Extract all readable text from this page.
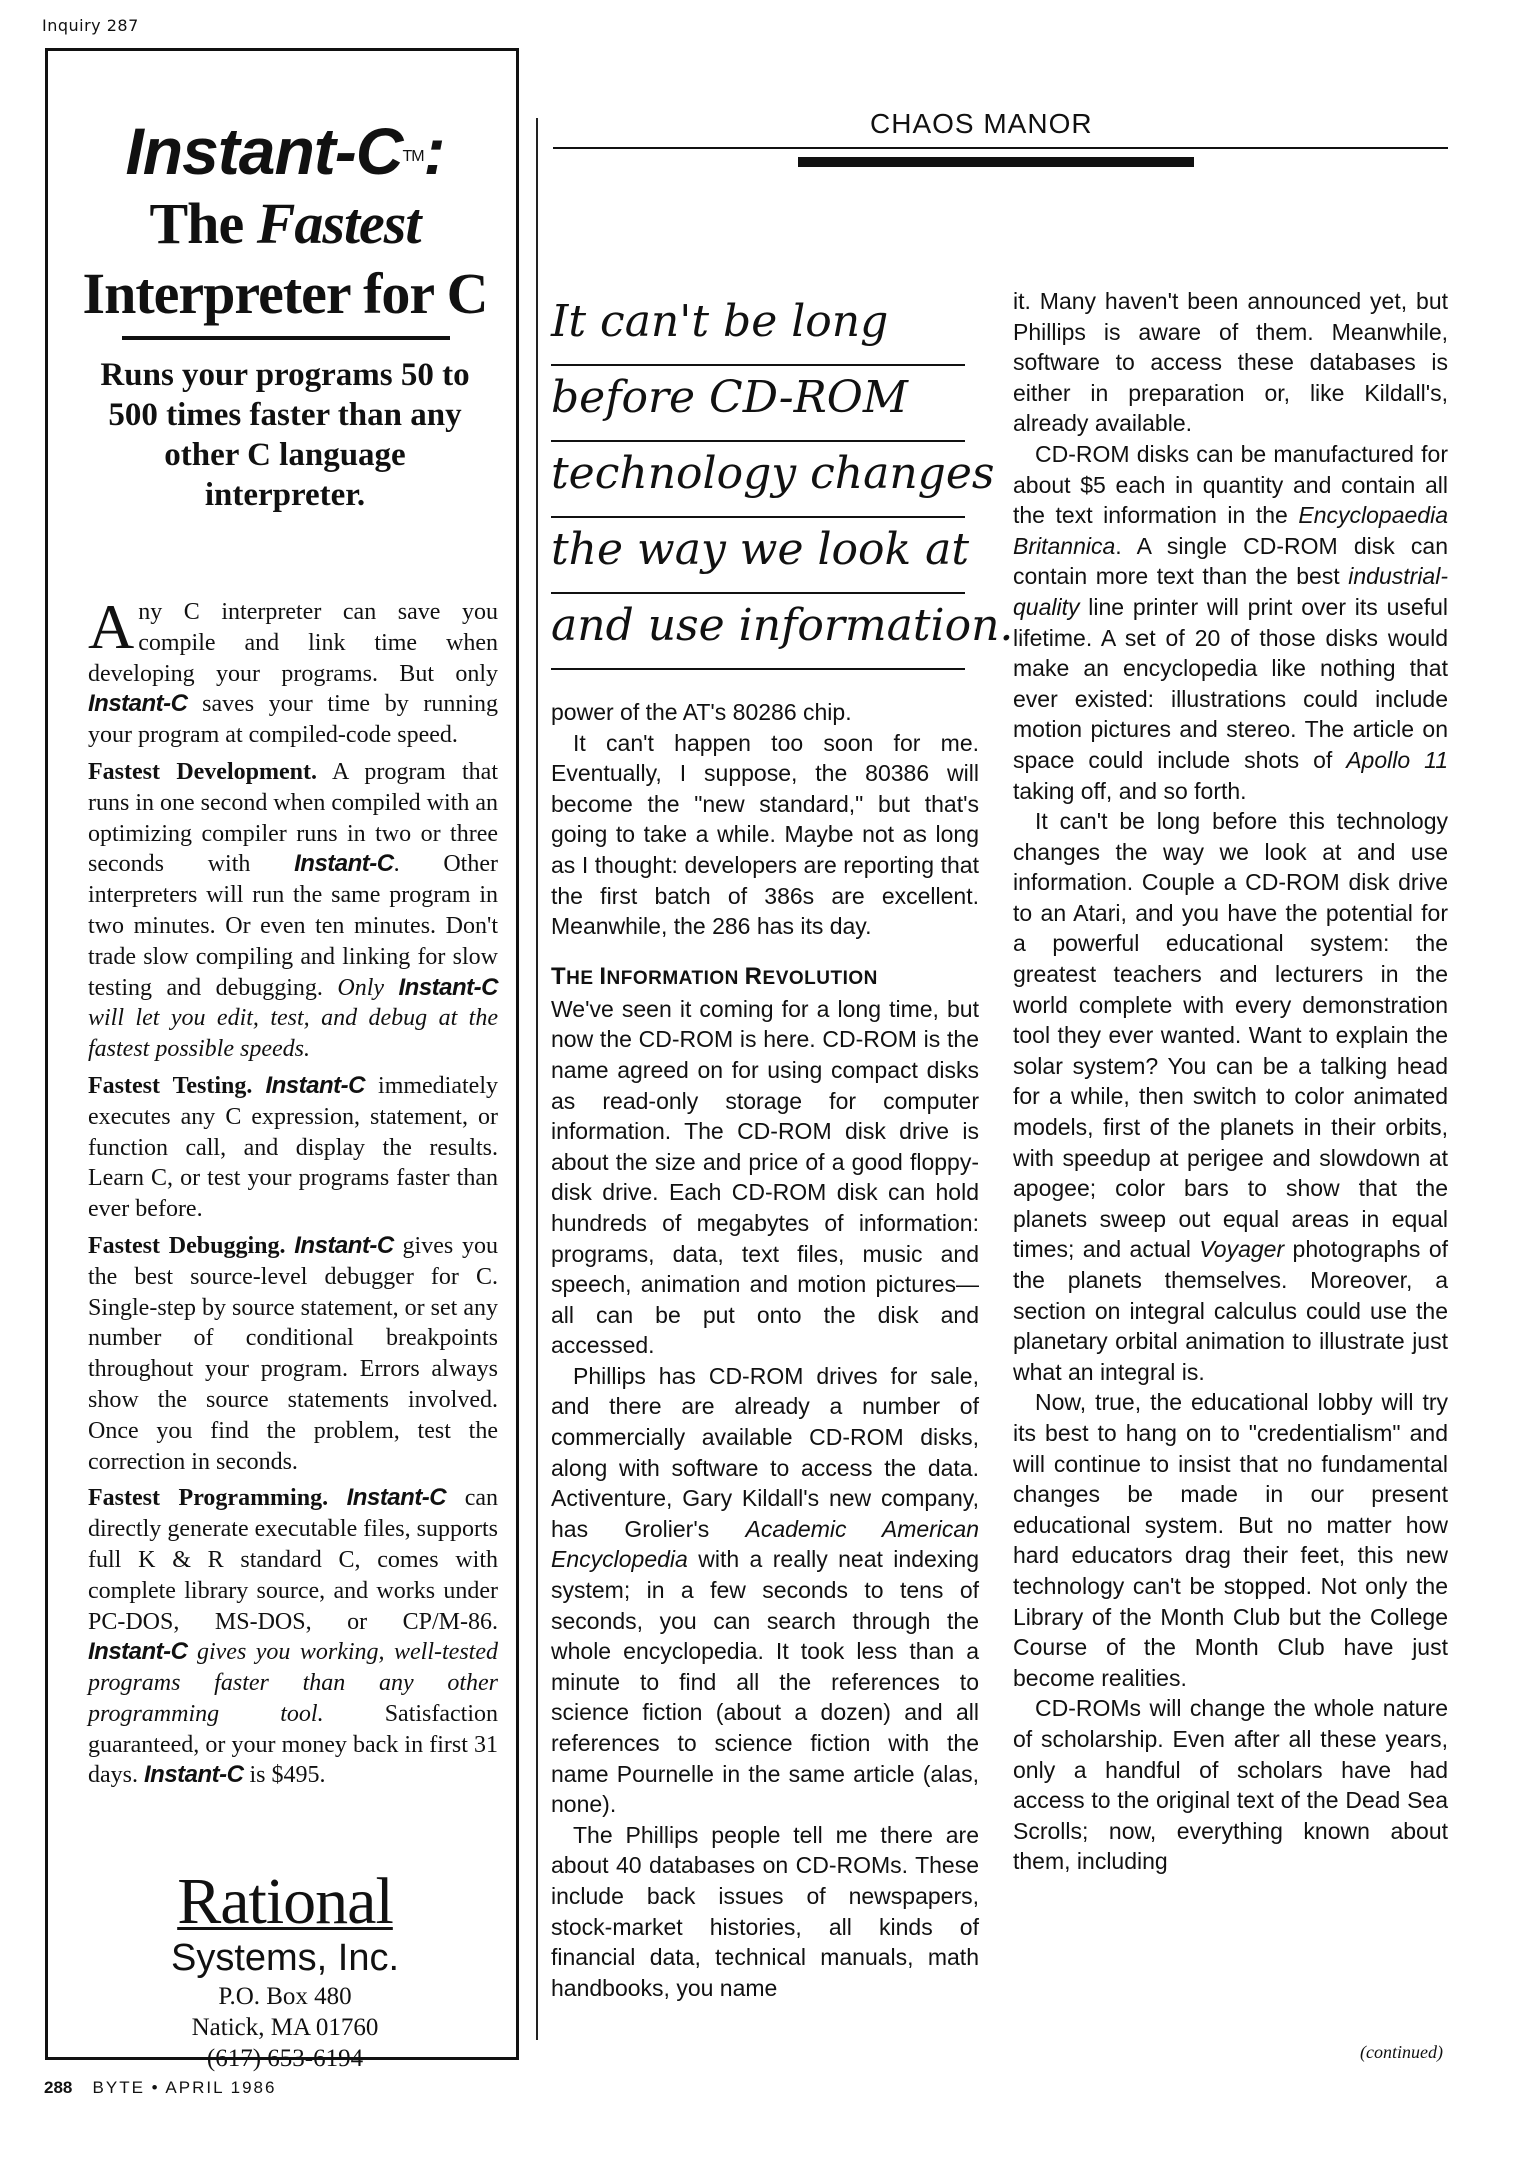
Inquiry 287
Instant-C™:
The Fastest
Interpreter for C
Runs your programs 50 to 500 times faster than any other C language interpreter.

Any C interpreter can save you compile and link time when developing your programs. But only Instant-C saves your time by running your program at compiled-code speed.

Fastest Development. A program that runs in one second when compiled with an optimizing compiler runs in two or three seconds with Instant-C. Other interpreters will run the same program in two minutes. Or even ten minutes. Don't trade slow compiling and linking for slow testing and debugging. Only Instant-C will let you edit, test, and debug at the fastest possible speeds.

Fastest Testing. Instant-C immediately executes any C expression, statement, or function call, and display the results. Learn C, or test your programs faster than ever before.

Fastest Debugging. Instant-C gives you the best source-level debugger for C. Single-step by source statement, or set any number of conditional breakpoints throughout your program. Errors always show the source statements involved. Once you find the problem, test the correction in seconds.

Fastest Programming. Instant-C can directly generate executable files, supports full K & R standard C, comes with complete library source, and works under PC-DOS, MS-DOS, or CP/M-86. Instant-C gives you working, well-tested programs faster than any other programming tool. Satisfaction guaranteed, or your money back in first 31 days. Instant-C is $495.

Rational
Systems, Inc.
P.O. Box 480
Natick, MA 01760
(617) 653-6194
288 BYTE • APRIL 1986
CHAOS MANOR
It can't be long
before CD-ROM
technology changes
the way we look at
and use information.

power of the AT's 80286 chip.

It can't happen too soon for me. Eventually, I suppose, the 80386 will become the "new standard," but that's going to take a while. Maybe not as long as I thought: developers are reporting that the first batch of 386s are excellent. Meanwhile, the 286 has its day.

THE INFORMATION REVOLUTION

We've seen it coming for a long time, but now the CD-ROM is here. CD-ROM is the name agreed on for using compact disks as read-only storage for computer information. The CD-ROM disk drive is about the size and price of a good floppy-disk drive. Each CD-ROM disk can hold hundreds of megabytes of information: programs, data, text files, music and speech, animation and motion pictures—all can be put onto the disk and accessed.

Phillips has CD-ROM drives for sale, and there are already a number of commercially available CD-ROM disks, along with software to access the data. Activenture, Gary Kildall's new company, has Grolier's Academic American Encyclopedia with a really neat indexing system; in a few seconds to tens of seconds, you can search through the whole encyclopedia. It took less than a minute to find all the references to science fiction (about a dozen) and all references to science fiction with the name Pournelle in the same article (alas, none).

The Phillips people tell me there are about 40 databases on CD-ROMs. These include back issues of newspapers, stock-market histories, all kinds of financial data, technical manuals, math handbooks, you name

it. Many haven't been announced yet, but Phillips is aware of them. Meanwhile, software to access these databases is either in preparation or, like Kildall's, already available.

CD-ROM disks can be manufactured for about $5 each in quantity and contain all the text information in the Encyclopaedia Britannica. A single CD-ROM disk can contain more text than the best industrial-quality line printer will print over its useful lifetime. A set of 20 of those disks would make an encyclopedia like nothing that ever existed: illustrations could include motion pictures and stereo. The article on space could include shots of Apollo 11 taking off, and so forth.

It can't be long before this technology changes the way we look at and use information. Couple a CD-ROM disk drive to an Atari, and you have the potential for a powerful educational system: the greatest teachers and lecturers in the world complete with every demonstration tool they ever wanted. Want to explain the solar system? You can be a talking head for a while, then switch to color animated models, first of the planets in their orbits, with speedup at perigee and slowdown at apogee; color bars to show that the planets sweep out equal areas in equal times; and actual Voyager photographs of the planets themselves. Moreover, a section on integral calculus could use the planetary orbital animation to illustrate just what an integral is.

Now, true, the educational lobby will try its best to hang on to "credentialism" and will continue to insist that no fundamental changes be made in our present educational system. But no matter how hard educators drag their feet, this new technology can't be stopped. Not only the Library of the Month Club but the College Course of the Month Club have just become realities.

CD-ROMs will change the whole nature of scholarship. Even after all these years, only a handful of scholars have had access to the original text of the Dead Sea Scrolls; now, everything known about them, including

(continued)
